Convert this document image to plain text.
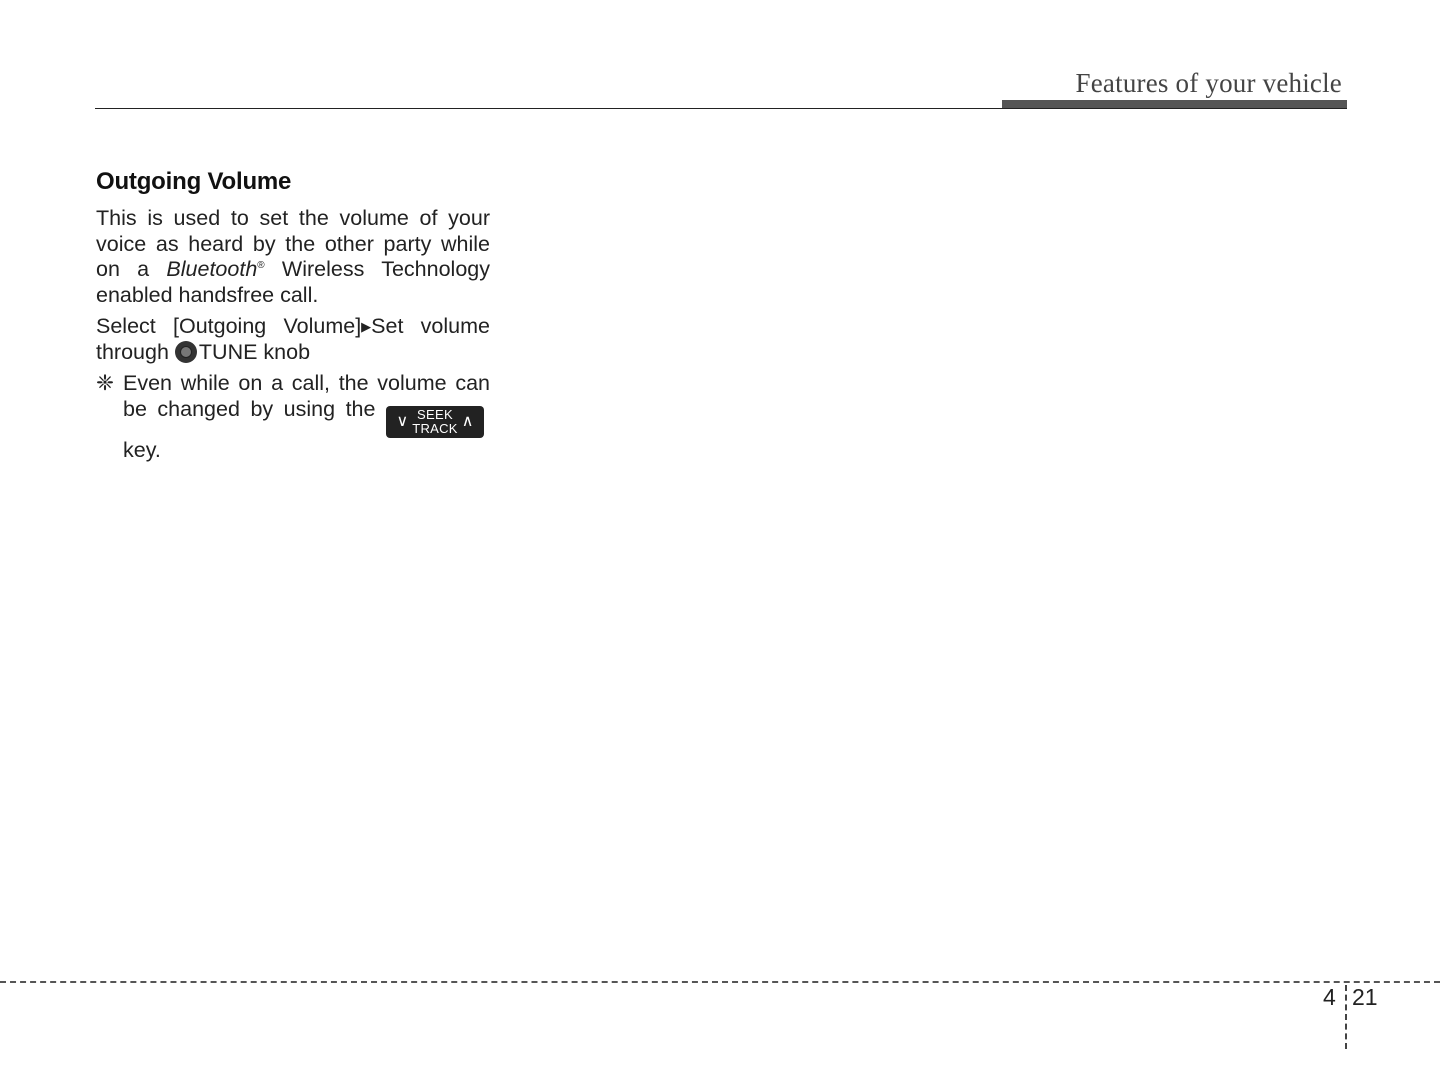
Features of your vehicle
Outgoing Volume

This is used to set the volume of your voice as heard by the other party while on a Bluetooth® Wireless Technology enabled handsfree call.

Select [Outgoing Volume]▶Set volume through TUNE knob

❈ Even while on a call, the volume can be changed by using the
∨ SEEK
TRACK ∧
key.
4 21
